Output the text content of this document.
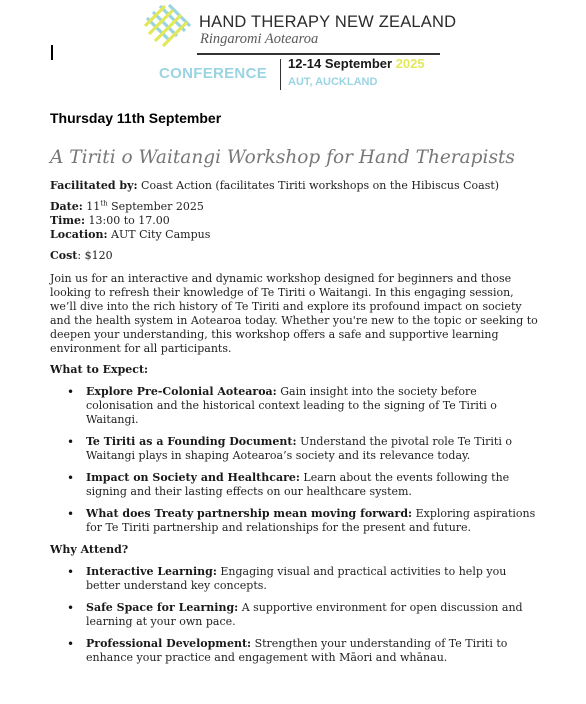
HAND THERAPY NEW ZEALAND
Ringaromi Aotearoa
CONFERENCE
12-14 September 2025
AUT, AUCKLAND
Thursday 11th September
A Tiriti o Waitangi Workshop for Hand Therapists

Facilitated by: Coast Action (facilitates Tiriti workshops on the Hibiscus Coast)

Date: 11th September 2025

Time: 13:00 to 17.00

Location: AUT City Campus

Cost: $120

Join us for an interactive and dynamic workshop designed for beginners and those looking to refresh their knowledge of Te Tiriti o Waitangi. In this engaging session, we’ll dive into the rich history of Te Tiriti and explore its profound impact on society and the health system in Aotearoa today. Whether you're new to the topic or seeking to deepen your understanding, this workshop offers a safe and supportive learning environment for all participants.

What to Expect:

• Explore Pre-Colonial Aotearoa: Gain insight into the society before colonisation and the historical context leading to the signing of Te Tiriti o Waitangi.
• Te Tiriti as a Founding Document: Understand the pivotal role Te Tiriti o Waitangi plays in shaping Aotearoa’s society and its relevance today.
• Impact on Society and Healthcare: Learn about the events following the signing and their lasting effects on our healthcare system.
• What does Treaty partnership mean moving forward: Exploring aspirations for Te Tiriti partnership and relationships for the present and future.

Why Attend?

• Interactive Learning: Engaging visual and practical activities to help you better understand key concepts.
• Safe Space for Learning: A supportive environment for open discussion and learning at your own pace.
• Professional Development: Strengthen your understanding of Te Tiriti to enhance your practice and engagement with Māori and whānau.
